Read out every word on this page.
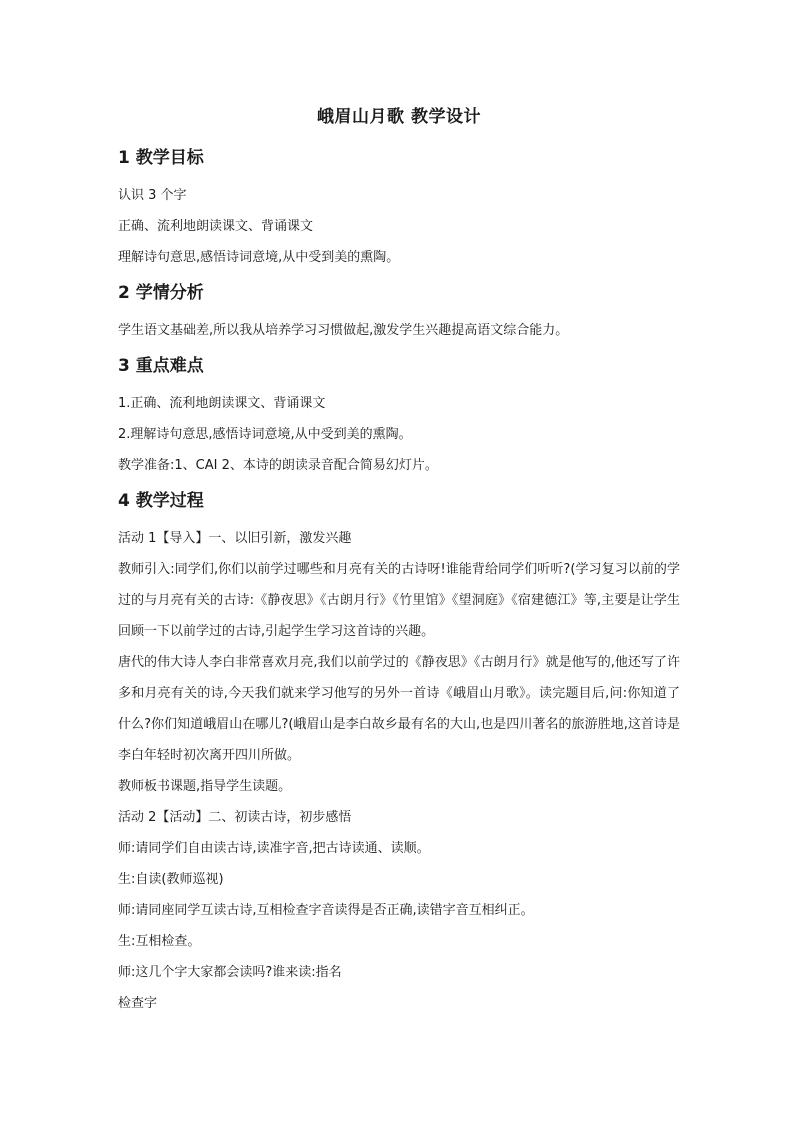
峨眉山月歌 教学设计
1 教学目标

认识 3 个字

正确、流利地朗读课文、背诵课文

理解诗句意思,感悟诗词意境,从中受到美的熏陶。

2 学情分析

学生语文基础差,所以我从培养学习习惯做起,激发学生兴趣提高语文综合能力。

3 重点难点

1.正确、流利地朗读课文、背诵课文

2.理解诗句意思,感悟诗词意境,从中受到美的熏陶。

教学准备:1、CAI 2、本诗的朗读录音配合简易幻灯片。

4 教学过程

活动 1【导入】一、以旧引新，激发兴趣

教师引入:同学们,你们以前学过哪些和月亮有关的古诗呀!谁能背给同学们听听?(学习复习以前的学过的与月亮有关的古诗:《静夜思》《古朗月行》《竹里馆》《望洞庭》《宿建德江》等,主要是让学生回顾一下以前学过的古诗,引起学生学习这首诗的兴趣。

唐代的伟大诗人李白非常喜欢月亮,我们以前学过的《静夜思》《古朗月行》就是他写的,他还写了许多和月亮有关的诗,今天我们就来学习他写的另外一首诗《峨眉山月歌》。读完题目后,问:你知道了什么?你们知道峨眉山在哪儿?(峨眉山是李白故乡最有名的大山,也是四川著名的旅游胜地,这首诗是李白年轻时初次离开四川所做。

教师板书课题,指导学生读题。

活动 2【活动】二、初读古诗，初步感悟

师:请同学们自由读古诗,读准字音,把古诗读通、读顺。

生:自读(教师巡视)

师:请同座同学互读古诗,互相检查字音读得是否正确,读错字音互相纠正。

生:互相检查。

师:这几个字大家都会读吗?谁来读:指名

检查字
